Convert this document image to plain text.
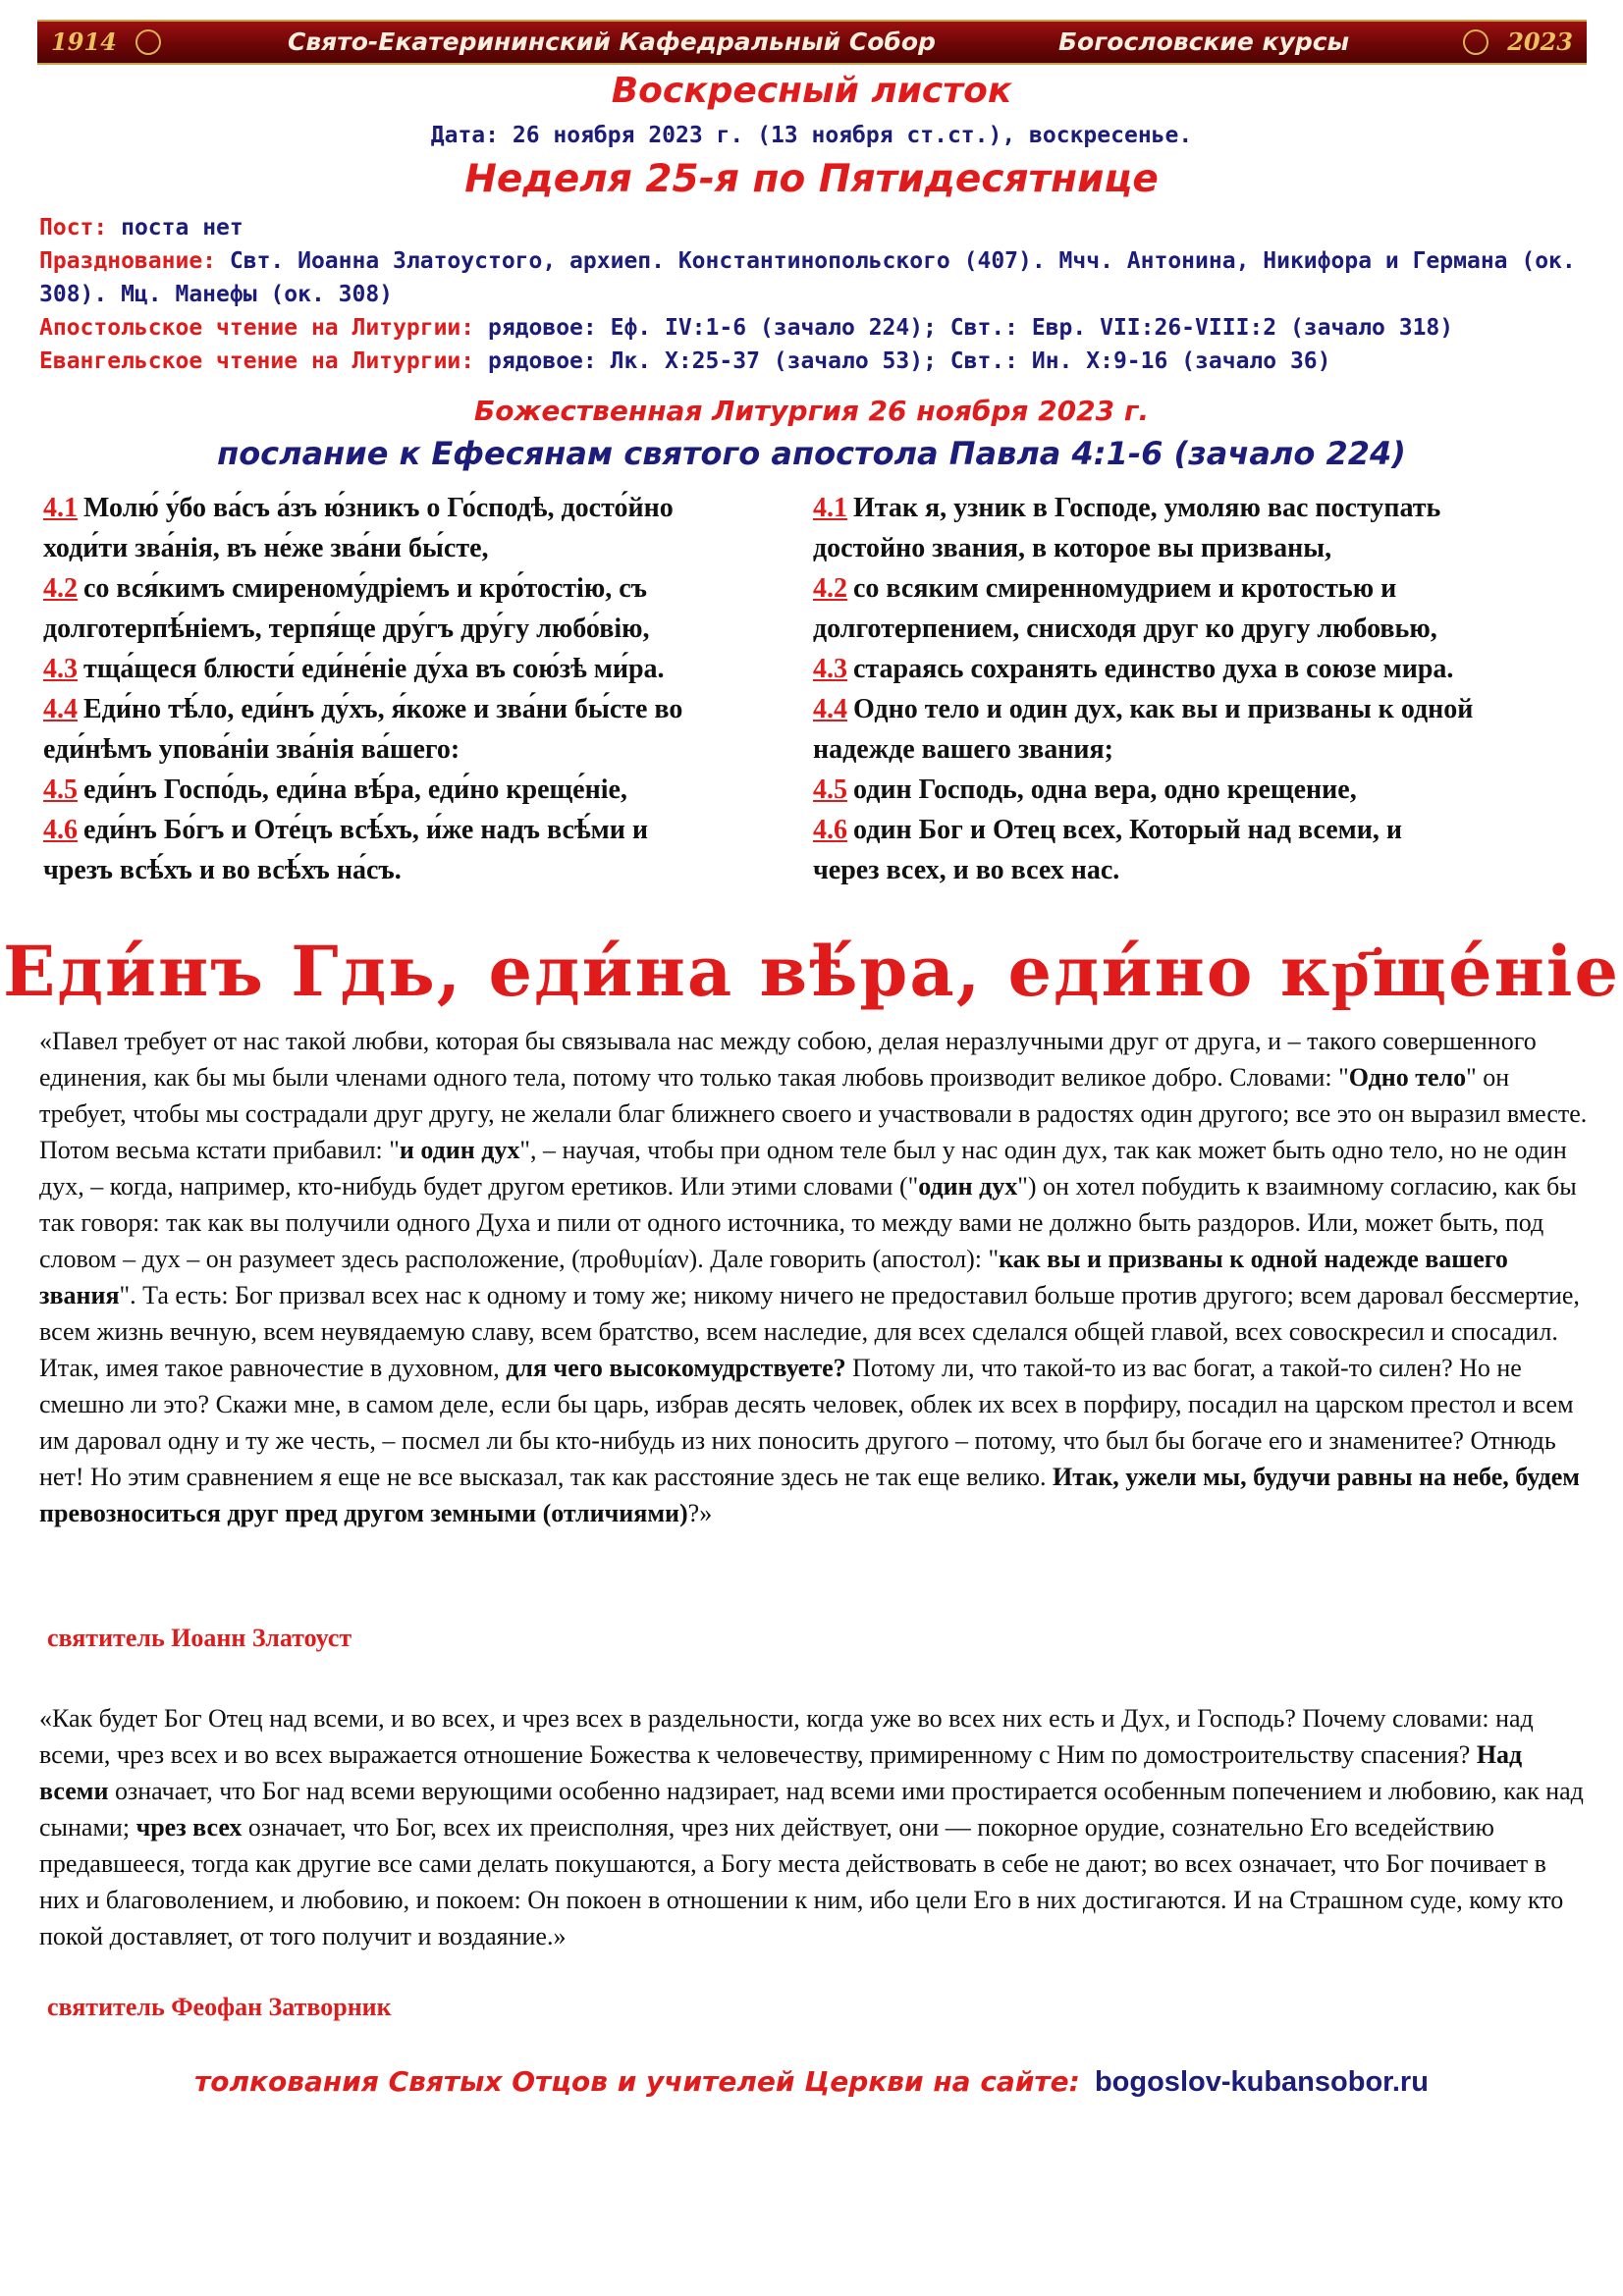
1914	Свято-Екатерининский Кафедральный Собор	Богословские курсы	2023
Воскресный листок
Дата: 26 ноября 2023 г. (13 ноября ст.ст.), воскресенье.
Неделя 25-я по Пятидесятнице
Пост: поста нет
Празднование: Свт. Иоанна Златоустого, архиеп. Константинопольского (407). Мчч. Антонина, Никифора и Германа (ок. 308). Мц. Манефы (ок. 308)
Апостольское чтение на Литургии: рядовое: Еф. IV:1-6 (зачало 224); Свт.: Евр. VII:26-VIII:2 (зачало 318)
Евангельское чтение на Литургии: рядовое: Лк. X:25-37 (зачало 53); Свт.: Ин. X:9-16 (зачало 36)
Божественная Литургия 26 ноября 2023 г.
послание к Ефесянам святого апостола Павла 4:1-6 (зачало 224)
4.1 Молю́ у́бо ва́съ а́зъ ю́зникъ о Го́сподѣ, досто́йно
ходи́ти зва́нія, въ не́же зва́ни бы́сте,
4.2 со вся́кимъ смиреному́дріемъ и кро́тостію, съ
долготерпѣ́ніемъ, терпя́ще дру́гъ дру́гу любо́вію,
4.3 тща́щеся блюсти́ еди́не́ніе ду́ха въ сою́зѣ ми́ра.
4.4 Еди́но тѣ́ло, еди́нъ ду́хъ, я́коже и зва́ни бы́сте во
еди́нѣмъ упова́ніи зва́нія ва́шего:
4.5 еди́нъ Госпо́дь, еди́на вѣ́ра, еди́но креще́ніе,
4.6 еди́нъ Бо́гъ и Оте́цъ всѣ́хъ, и́же надъ всѣ́ми и
чрезъ всѣ́хъ и во всѣ́хъ на́съ.
4.1 Итак я, узник в Господе, умоляю вас поступать
достойно звания, в которое вы призваны,
4.2 со всяким смиренномудрием и кротостью и
долготерпением, снисходя друг ко другу любовью,
4.3 стараясь сохранять единство духа в союзе мира.
4.4 Одно тело и один дух, как вы и призваны к одной
надежде вашего звания;
4.5 один Господь, одна вера, одно крещение,
4.6 один Бог и Отец всех, Который над всеми, и
через всех, и во всех нас.
Еди́нъ Гдь, еди́на вѣ́ра, еди́но кр҃ще́ніе
«Павел требует от нас такой любви, которая бы связывала нас между собою, делая неразлучными друг от друга, и – такого совершенного единения, как бы мы были членами одного тела, потому что только такая любовь производит великое добро. Словами: "Одно тело" он требует, чтобы мы сострадали друг другу, не желали благ ближнего своего и участвовали в радостях один другого; все это он выразил вместе. Потом весьма кстати прибавил: "и один дух", – научая, чтобы при одном теле был у нас один дух, так как может быть одно тело, но не один дух, – когда, например, кто-нибудь будет другом еретиков. Или этими словами ("один дух") он хотел побудить к взаимному согласию, как бы так говоря: так как вы получили одного Духа и пили от одного источника, то между вами не должно быть раздоров. Или, может быть, под словом – дух – он разумеет здесь расположение, (προθυμίαν). Дале говорить (апостол): "как вы и призваны к одной надежде вашего звания". Та есть: Бог призвал всех нас к одному и тому же; никому ничего не предоставил больше против другого; всем даровал бессмертие, всем жизнь вечную, всем неувядаемую славу, всем братство, всем наследие, для всех сделался общей главой, всех совоскресил и спосадил. Итак, имея такое равночестие в духовном, для чего высокомудрствуете? Потому ли, что такой-то из вас богат, а такой-то силен? Но не смешно ли это? Скажи мне, в самом деле, если бы царь, избрав десять человек, облек их всех в порфиру, посадил на царском престол и всем им даровал одну и ту же честь, – посмел ли бы кто-нибудь из них поносить другого – потому, что был бы богаче его и знаменитее? Отнюдь нет! Но этим сравнением я еще не все высказал, так как расстояние здесь не так еще велико. Итак, ужели мы, будучи равны на небе, будем превозноситься друг пред другом земными (отличиями)?»
святитель Иоанн Златоуст
«Как будет Бог Отец над всеми, и во всех, и чрез всех в раздельности, когда уже во всех них есть и Дух, и Господь? Почему словами: над всеми, чрез всех и во всех выражается отношение Божества к человечеству, примиренному с Ним по домостроительству спасения? Над всеми означает, что Бог над всеми верующими особенно надзирает, над всеми ими простирается особенным попечением и любовию, как над сынами; чрез всех означает, что Бог, всех их преисполняя, чрез них действует, они — покорное орудие, сознательно Его вседействию предавшееся, тогда как другие все сами делать покушаются, а Богу места действовать в себе не дают; во всех означает, что Бог почивает в них и благоволением, и любовию, и покоем: Он покоен в отношении к ним, ибо цели Его в них достигаются. И на Страшном суде, кому кто покой доставляет, от того получит и воздаяние.»
святитель Феофан Затворник
толкования Святых Отцов и учителей Церкви на сайте: bogoslov-kubansobor.ru
